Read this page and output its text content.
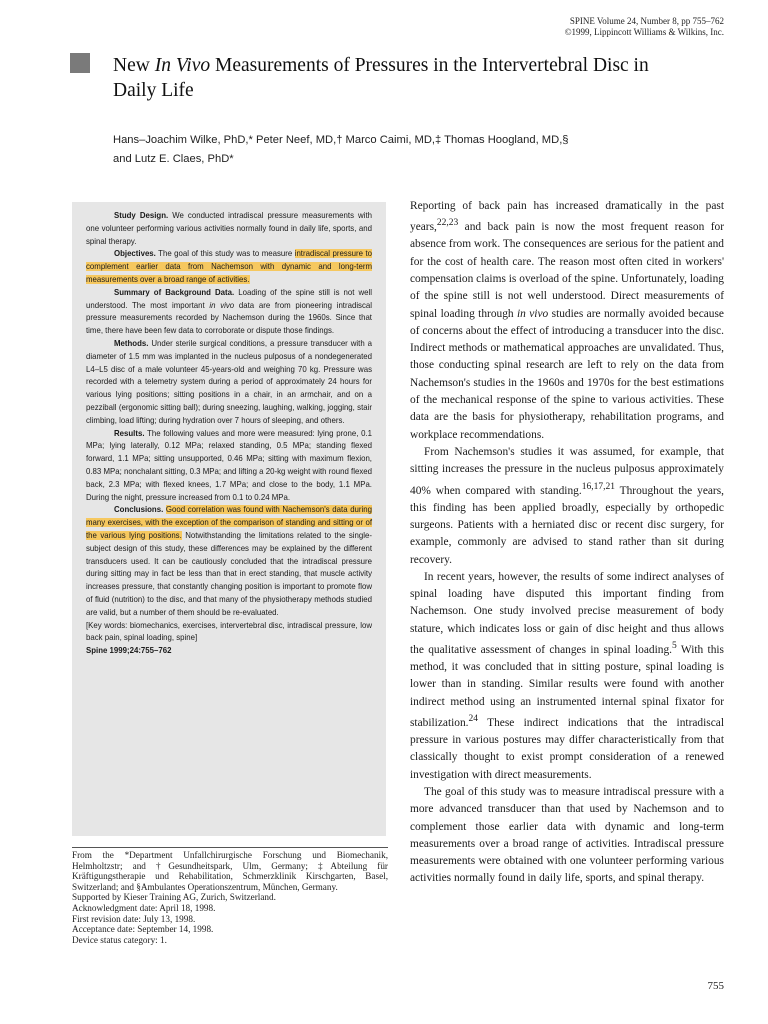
SPINE Volume 24, Number 8, pp 755–762
©1999, Lippincott Williams & Wilkins, Inc.
New In Vivo Measurements of Pressures in the Intervertebral Disc in Daily Life
Hans–Joachim Wilke, PhD,* Peter Neef, MD,† Marco Caimi, MD,‡ Thomas Hoogland, MD,§
and Lutz E. Claes, PhD*

Study Design. We conducted intradiscal pressure measurements with one volunteer performing various activities normally found in daily life, sports, and spinal therapy.

Objectives. The goal of this study was to measure intradiscal pressure to complement earlier data from Nachemson with dynamic and long-term measurements over a broad range of activities.

Summary of Background Data. Loading of the spine still is not well understood. The most important in vivo data are from pioneering intradiscal pressure measurements recorded by Nachemson during the 1960s. Since that time, there have been few data to corroborate or dispute those findings.

Methods. Under sterile surgical conditions, a pressure transducer with a diameter of 1.5 mm was implanted in the nucleus pulposus of a nondegenerated L4–L5 disc of a male volunteer 45-years-old and weighing 70 kg. Pressure was recorded with a telemetry system during a period of approximately 24 hours for various lying positions; sitting positions in a chair, in an armchair, and on a pezziball (ergonomic sitting ball); during sneezing, laughing, walking, jogging, stair climbing, load lifting; during hydration over 7 hours of sleeping, and others.

Results. The following values and more were measured: lying prone, 0.1 MPa; lying laterally, 0.12 MPa; relaxed standing, 0.5 MPa; standing flexed forward, 1.1 MPa; sitting unsupported, 0.46 MPa; sitting with maximum flexion, 0.83 MPa; nonchalant sitting, 0.3 MPa; and lifting a 20-kg weight with round flexed back, 2.3 MPa; with flexed knees, 1.7 MPa; and close to the body, 1.1 MPa. During the night, pressure increased from 0.1 to 0.24 MPa.

Conclusions. Good correlation was found with Nachemson's data during many exercises, with the exception of the comparison of standing and sitting or of the various lying positions. Notwithstanding the limitations related to the single-subject design of this study, these differences may be explained by the different transducers used. It can be cautiously concluded that the intradiscal pressure during sitting may in fact be less than that in erect standing, that muscle activity increases pressure, that constantly changing position is important to promote flow of fluid (nutrition) to the disc, and that many of the physiotherapy methods studied are valid, but a number of them should be re-evaluated.

[Key words: biomechanics, exercises, intervertebral disc, intradiscal pressure, low back pain, spinal loading, spine]

Spine 1999;24:755–762

From the *Department Unfallchirurgische Forschung und Biomechanik, Helmholtzstr; and †Gesundheitspark, Ulm, Germany; ‡Abteilung für Kräftigungstherapie und Rehabilitation, Schmerzklinik Kirschgarten, Basel, Switzerland; and §Ambulantes Operationszentrum, München, Germany.
Supported by Kieser Training AG, Zurich, Switzerland.
Acknowledgment date: April 18, 1998.
First revision date: July 13, 1998.
Acceptance date: September 14, 1998.
Device status category: 1.

Reporting of back pain has increased dramatically in the past years,$^{22,23}$ and back pain is now the most frequent reason for absence from work. The consequences are serious for the patient and for the cost of health care. The reason most often cited in workers' compensation claims is overload of the spine. Unfortunately, loading of the spine still is not well understood. Direct measurements of spinal loading through in vivo studies are normally avoided because of concerns about the effect of introducing a transducer into the disc. Indirect methods or mathematical approaches are unvalidated. Thus, those conducting spinal research are left to rely on the data from Nachemson's studies in the 1960s and 1970s for the best estimations of the mechanical response of the spine to various activities. These data are the basis for physiotherapy, rehabilitation programs, and workplace recommendations.

From Nachemson's studies it was assumed, for example, that sitting increases the pressure in the nucleus pulposus approximately 40% when compared with standing.$^{16,17,21}$ Throughout the years, this finding has been applied broadly, especially by orthopedic surgeons. Patients with a herniated disc or recent disc surgery, for example, commonly are advised to stand rather than sit during recovery.

In recent years, however, the results of some indirect analyses of spinal loading have disputed this important finding from Nachemson. One study involved precise measurement of body stature, which indicates loss or gain of disc height and thus allows the qualitative assessment of changes in spinal loading.$^5$ With this method, it was concluded that in sitting posture, spinal loading is lower than in standing. Similar results were found with another indirect method using an instrumented internal spinal fixator for stabilization.$^{24}$ These indirect indications that the intradiscal pressure in various postures may differ characteristically from that classically thought to exist prompt consideration of a renewed investigation with direct measurements.

The goal of this study was to measure intradiscal pressure with a more advanced transducer than that used by Nachemson and to complement those earlier data with dynamic and long-term measurements over a broad range of activities. Intradiscal pressure measurements were obtained with one volunteer performing various activities normally found in daily life, sports, and spinal therapy.

755
